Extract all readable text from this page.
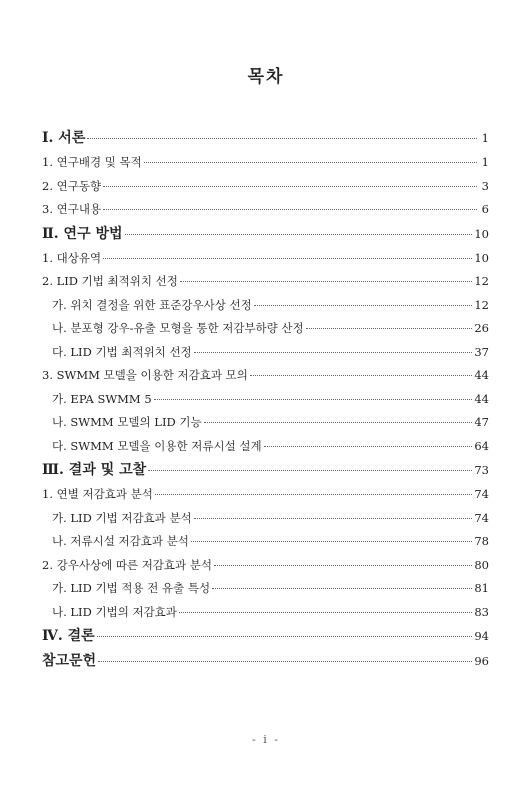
목차
Ⅰ. 서론	1
1. 연구배경 및 목적	1
2. 연구동향	3
3. 연구내용	6
Ⅱ. 연구 방법	10
1. 대상유역	10
2. LID 기법 최적위치 선정	12
가. 위치 결정을 위한 표준강우사상 선정	12
나. 분포형 강우-유출 모형을 통한 저감부하량 산정	26
다. LID 기법 최적위치 선정	37
3. SWMM 모델을 이용한 저감효과 모의	44
가. EPA SWMM 5	44
나. SWMM 모델의 LID 기능	47
다. SWMM 모델을 이용한 저류시설 설계	64
Ⅲ. 결과 및 고찰	73
1. 연별 저감효과 분석	74
가. LID 기법 저감효과 분석	74
나. 저류시설 저감효과 분석	78
2. 강우사상에 따른 저감효과 분석	80
가. LID 기법 적용 전 유출 특성	81
나. LID 기법의 저감효과	83
Ⅳ. 결론	94
참고문헌	96
- i -
